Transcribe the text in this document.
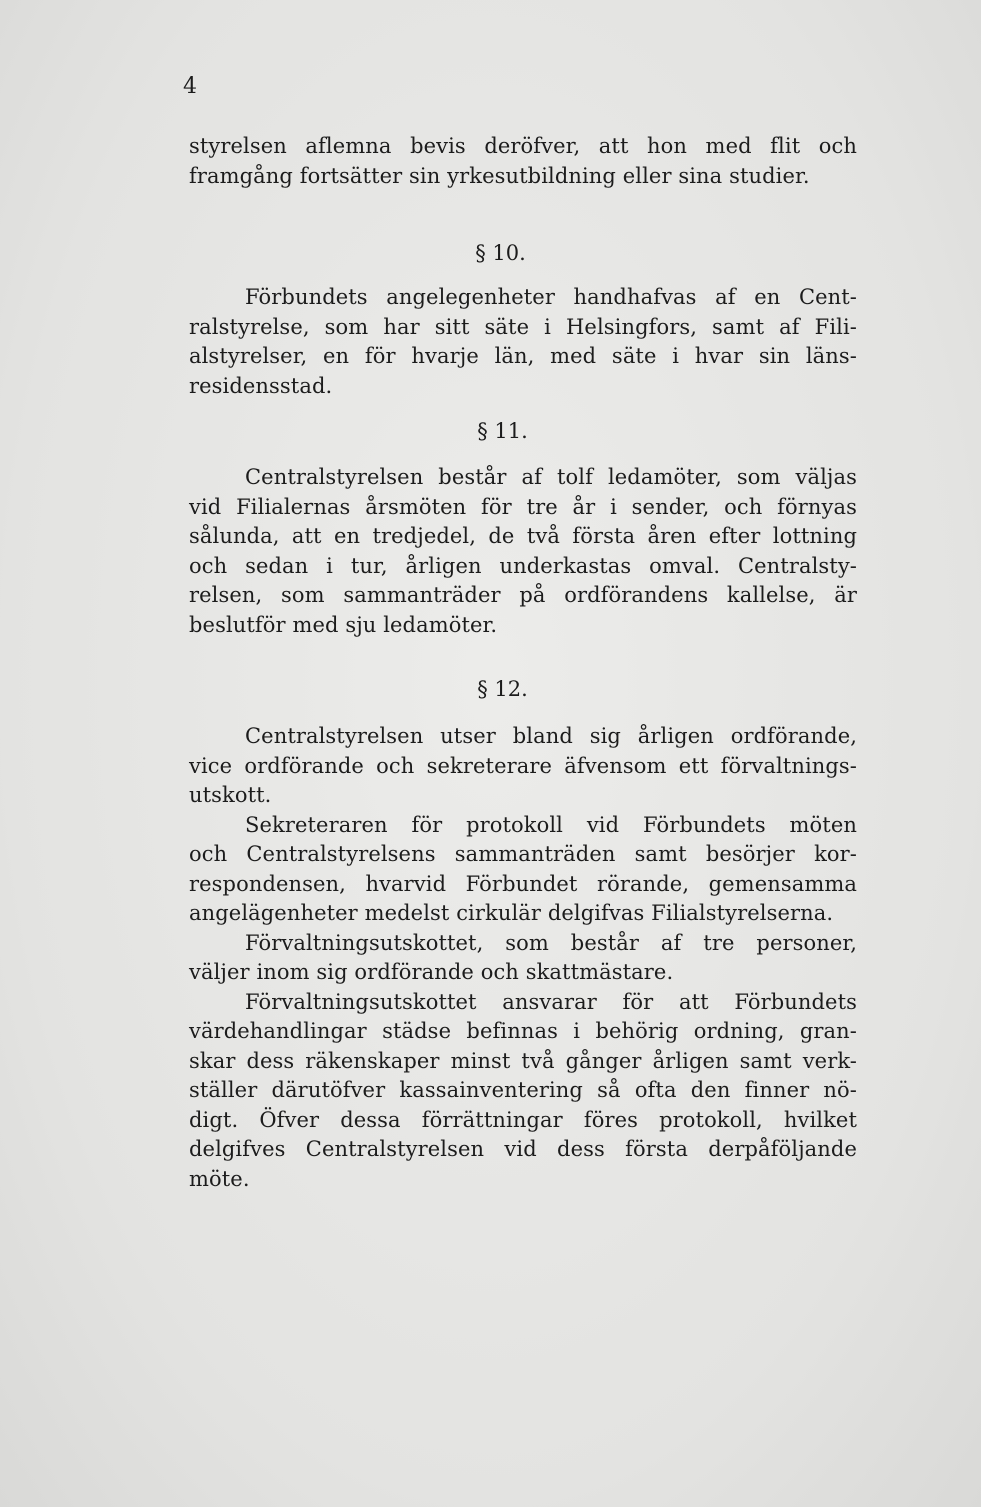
4
styrelsen aflemna bevis deröfver, att hon med flit och
framgång fortsätter sin yrkesutbildning eller sina studier.
§ 10.
Förbundets angelegenheter handhafvas af en Cent-
ralstyrelse, som har sitt säte i Helsingfors, samt af Fili-
alstyrelser, en för hvarje län, med säte i hvar sin läns-
residensstad.
§ 11.
Centralstyrelsen består af tolf ledamöter, som väljas
vid Filialernas årsmöten för tre år i sender, och förnyas
sålunda, att en tredjedel, de två första åren efter lottning
och sedan i tur, årligen underkastas omval. Centralsty-
relsen, som sammanträder på ordförandens kallelse, är
beslutför med sju ledamöter.
§ 12.
Centralstyrelsen utser bland sig årligen ordförande,
vice ordförande och sekreterare äfvensom ett förvaltnings-
utskott.
Sekreteraren för protokoll vid Förbundets möten
och Centralstyrelsens sammanträden samt besörjer kor-
respondensen, hvarvid Förbundet rörande, gemensamma
angelägenheter medelst cirkulär delgifvas Filialstyrelserna.
Förvaltningsutskottet, som består af tre personer,
väljer inom sig ordförande och skattmästare.
Förvaltningsutskottet ansvarar för att Förbundets
värdehandlingar städse befinnas i behörig ordning, gran-
skar dess räkenskaper minst två gånger årligen samt verk-
ställer därutöfver kassainventering så ofta den finner nö-
digt. Öfver dessa förrättningar föres protokoll, hvilket
delgifves Centralstyrelsen vid dess första derpåföljande
möte.
